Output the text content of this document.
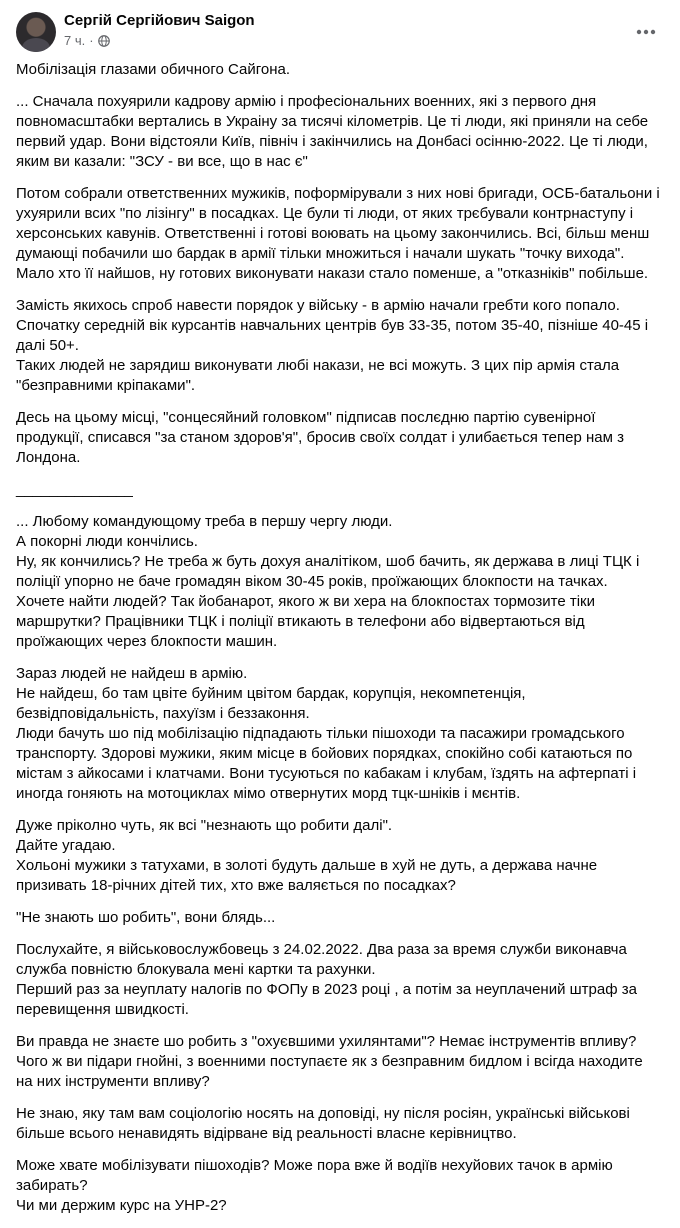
Сергій Сергійович Saigon
7 ч. ·

Мобілізація глазами обичного Сайгона.

... Сначала похуярили кадрову армію і професіональних военних, які з первого дня повномасштабки вертались в Украіну за тисячі кілометрів. Це ті люди, які приняли на себе первий удар. Вони відстояли Київ, північ і закінчились на Донбасі осінню-2022. Це ті люди, яким ви казали: "ЗСУ - ви все, що в нас є"

Потом собрали ответственних мужиків, поформірували з них нові бригади, ОСБ-батальони і ухуярили всих "по лізінгу" в посадках. Це були ті люди, от яких трєбували контрнаступу і херсонських кавунів. Ответственні і готові воювать на цьому закончились. Всі, більш менш думающі побачили шо бардак в армії тільки множиться і начали шукать "точку вихода". Мало хто її найшов, ну готових виконувати накази стало поменше, а "отказніків" побільше.

Замість якихось спроб навести порядок у війську - в армію начали гребти кого попало. Спочатку середній вік курсантів навчальних центрів був 33-35, потом 35-40, пізніше 40-45 і далі 50+.
Таких людей не зарядиш виконувати любі накази, не всі можуть. З цих пір армія стала "безправними кріпаками".

Десь на цьому місці, "сонцесяйний головком" підписав послєдню партію сувенірної продукції, списався "за станом здоров'я", бросив своїх солдат і улибається тепер нам з Лондона.

______________

... Любому командующому треба в першу чергу люди.
А покорні люди кончілись.
Ну, як кончились? Не треба ж буть дохуя аналітіком, шоб бачить, як держава в лиці ТЦК і поліції упорно не баче громадян віком 30-45 років, проїжающих блокпости на тачках.
Хочете найти людей? Так йобанарот, якого ж ви хера на блокпостах тормозите тіки маршрутки? Працівники ТЦК і поліції втикають в телефони або відвертаються від проїжающих через блокпости машин.

Зараз людей не найдеш в армію.
Не найдеш, бо там цвіте буйним цвітом бардак, корупція, некомпетенція, безвідповідальність, пахуїзм і беззаконня.
Люди бачуть шо під мобілізацію підпадають тільки пішоходи та пасажири громадського транспорту. Здорові мужики, яким місце в бойових порядках, спокійно собі катаються по містам з айкосами і клатчами. Вони тусуються по кабакам і клубам, їздять на афтерпаті і иногда гоняють на мотоциклах мімо отвернутих морд тцк-шніків і мєнтів.

Дуже пріколно чуть, як всі "незнають що робити далі".
Дайте угадаю.
Хольоні мужики з татухами, в золоті будуть дальше в хуй не дуть, а держава начне призивать 18-річних дітей тих, хто вже валяється по посадках?

"Не знають шо робить", вони блядь...

Послухайте, я військовослужбовець з 24.02.2022. Два раза за время служби виконавча служба повністю блокувала мені картки та рахунки.
Перший раз за неуплату налогів по ФОПу в 2023 році , а потім за неуплачений штраф за перевищення швидкості.

Ви правда не знаєте шо робить з "охуєвшими ухилянтами"? Немає інструментів впливу? Чого ж ви підари гнойні, з военними поступаєте як з безправним бидлом і всігда находите на них інструменти впливу?

Не знаю, яку там вам соціологію носять на доповіді, ну після росіян, українські військові більше всього ненавидять відірване від реальності власне керівництво.

Може хвате мобілізувати пішоходів? Може пора вже й водіїв нехуйових тачок в армію забирать?
Чи ми держим курс на УНР-2?
